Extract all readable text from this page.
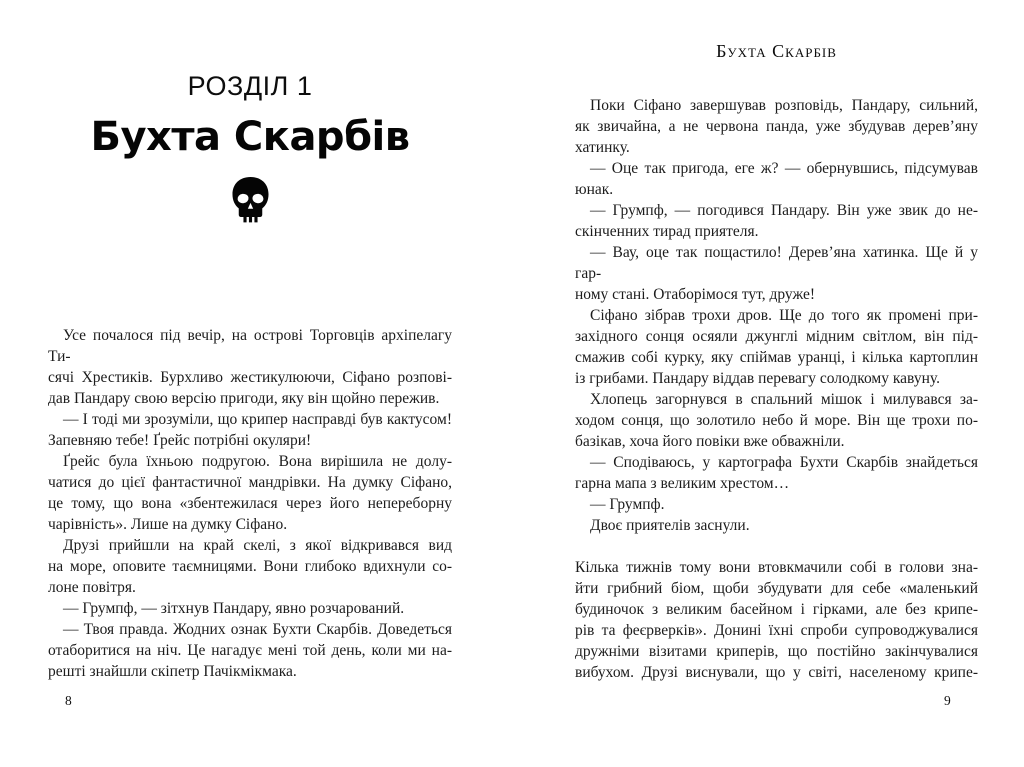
РОЗДІЛ 1
Бухта Скарбів

Усе почалося під вечір, на острові Торговців архіпелагу Ти-
сячі Хрестиків. Бурхливо жестикулюючи, Сіфано розпові-
дав Пандару свою версію пригоди, яку він щойно пережив.

— І тоді ми зрозуміли, що крипер насправді був кактусом!
Запевняю тебе! Ґрейс потрібні окуляри!

Ґрейс була їхньою подругою. Вона вирішила не долу-
чатися до цієї фантастичної мандрівки. На думку Сіфано,
це тому, що вона «збентежилася через його непереборну
чарівність». Лише на думку Сіфано.

Друзі прийшли на край скелі, з якої відкривався вид
на море, оповите таємницями. Вони глибоко вдихнули со-
лоне повітря.

— Грумпф, — зітхнув Пандару, явно розчарований.

— Твоя правда. Жодних ознак Бухти Скарбів. Доведеться
отаборитися на ніч. Це нагадує мені той день, коли ми на-
решті знайшли скіпетр Пачікмікмака.

8
Бухта Скарбів

Поки Сіфано завершував розповідь, Пандару, сильний,
як звичайна, а не червона панда, уже збудував дерев’яну
хатинку.

— Оце так пригода, еге ж? — обернувшись, підсумував
юнак.

— Грумпф, — погодився Пандару. Він уже звик до не-
скінченних тирад приятеля.

— Вау, оце так пощастило! Дерев’яна хатинка. Ще й у гар-
ному стані. Отаборімося тут, друже!

Сіфано зібрав трохи дров. Ще до того як промені при-
західного сонця осяяли джунглі мідним світлом, він під-
смажив собі курку, яку спіймав уранці, і кілька картоплин
із грибами. Пандару віддав перевагу солодкому кавуну.

Хлопець загорнувся в спальний мішок і милувався за-
ходом сонця, що золотило небо й море. Він ще трохи по-
базікав, хоча його повіки вже обважніли.

— Сподіваюсь, у картографа Бухти Скарбів знайдеться
гарна мапа з великим хрестом…

— Грумпф.

Двоє приятелів заснули.

Кілька тижнів тому вони втовкмачили собі в голови зна-
йти грибний біом, щоби збудувати для себе «маленький
будиночок з великим басейном і гірками, але без крипе-
рів та феєрверків». Донині їхні спроби супроводжувалися
дружніми візитами криперів, що постійно закінчувалися
вибухом. Друзі виснували, що у світі, населеному крипе-

9
